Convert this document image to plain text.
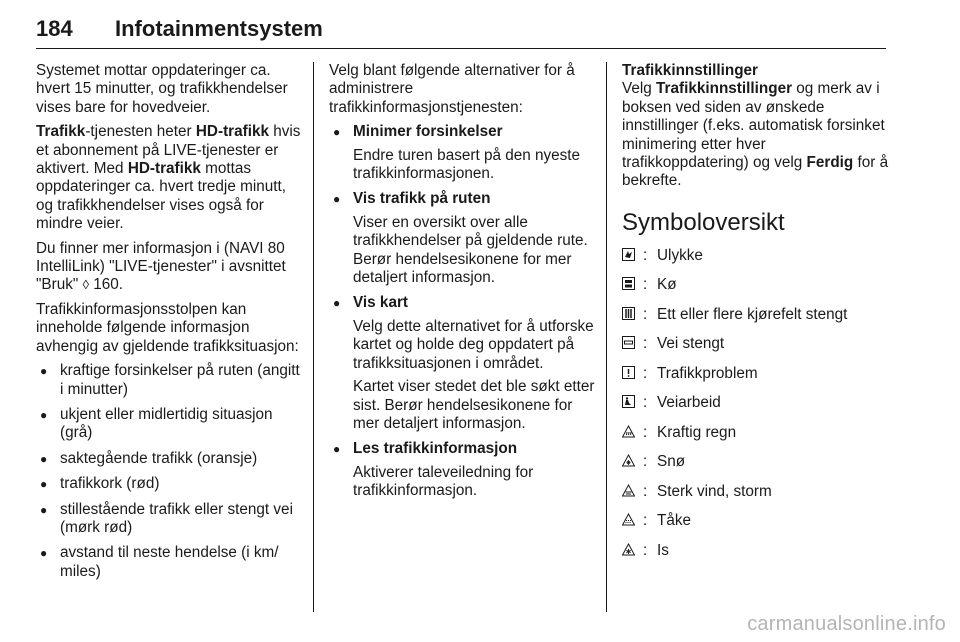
184 Infotainmentsystem

Systemet mottar oppdateringer ca. hvert 15 minutter, og trafikkhendelser vises bare for hovedveier.

Trafikk-tjenesten heter HD-trafikk hvis et abonnement på LIVE-tjenester er aktivert. Med HD-trafikk mottas oppdateringer ca. hvert tredje minutt, og trafikkhendelser vises også for mindre veier.

Du finner mer informasjon i (NAVI 80 IntelliLink) "LIVE-tjenester" i avsnittet "Bruk" ◊ 160.

Trafikkinformasjonsstolpen kan inneholde følgende informasjon avhengig av gjeldende trafikksituasjon:

● kraftige forsinkelser på ruten (angitt i minutter)
● ukjent eller midlertidig situasjon (grå)
● saktegående trafikk (oransje)
● trafikkork (rød)
● stillestående trafikk eller stengt vei (mørk rød)
● avstand til neste hendelse (i km/ miles)

Velg blant følgende alternativer for å administrere trafikkinformasjonstjenesten:

● Minimer forsinkelser

Endre turen basert på den nyeste trafikkinformasjonen.

● Vis trafikk på ruten

Viser en oversikt over alle trafikkhendelser på gjeldende rute. Berør hendelsesikonene for mer detaljert informasjon.

● Vis kart

Velg dette alternativet for å utforske kartet og holde deg oppdatert på trafikksituasjonen i området.

Kartet viser stedet det ble søkt etter sist. Berør hendelsesikonene for mer detaljert informasjon.

● Les trafikkinformasjon

Aktiverer taleveiledning for trafikkinformasjon.

Trafikkinnstillinger

Velg Trafikkinnstillinger og merk av i boksen ved siden av ønskede innstillinger (f.eks. automatisk forsinket minimering etter hver trafikkoppdatering) og velg Ferdig for å bekrefte.

Symboloversikt
: Ulykke
: Kø
: Ett eller flere kjørefelt stengt
: Vei stengt
: Trafikkproblem
: Veiarbeid
: Kraftig regn
: Snø
: Sterk vind, storm
: Tåke
: Is
carmanualsonline.info
